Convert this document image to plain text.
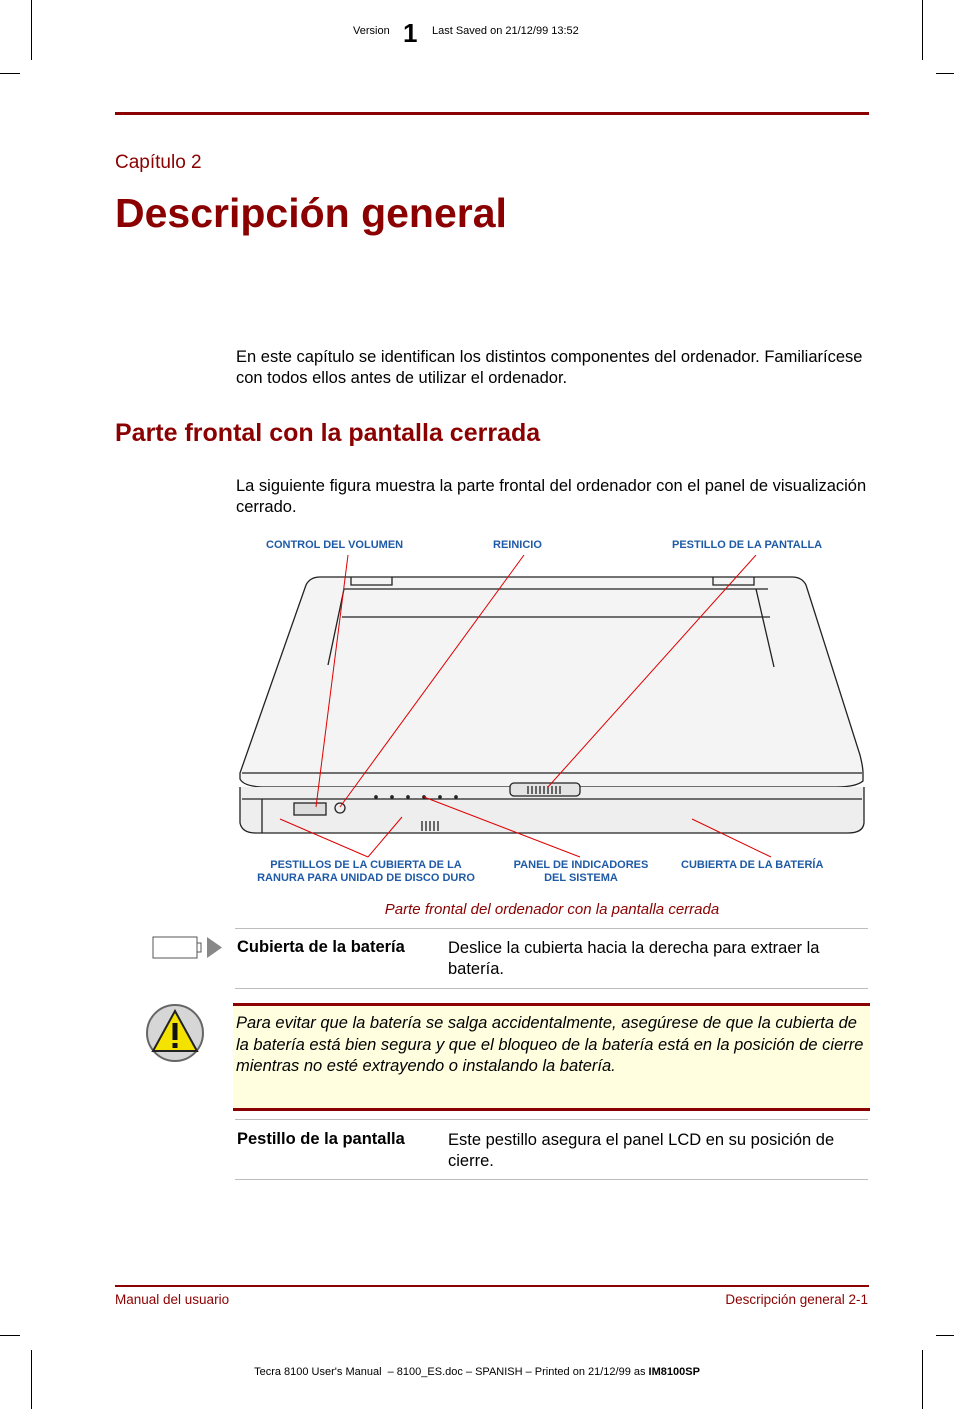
Version 1 Last Saved on 21/12/99 13:52
Capítulo 2
Descripción general
En este capítulo se identifican los distintos componentes del ordenador. Familiarícese con todos ellos antes de utilizar el ordenador.
Parte frontal con la pantalla cerrada
La siguiente figura muestra la parte frontal del ordenador con el panel de visualización cerrado.
CONTROL DEL VOLUMEN	REINICIO	PESTILLO DE LA PANTALLA
PESTILLOS DE LA CUBIERTA DE LA
RANURA PARA UNIDAD DE DISCO DURO
PANEL DE INDICADORES
DEL SISTEMA
CUBIERTA DE LA BATERÍA
Parte frontal del ordenador con la pantalla cerrada
Cubierta de la batería	Deslice la cubierta hacia la derecha para extraer la batería.
Para evitar que la batería se salga accidentalmente, asegúrese de que la cubierta de la batería está bien segura y que el bloqueo de la batería está en la posición de cierre mientras no esté extrayendo o instalando la batería.
Pestillo de la pantalla	Este pestillo asegura el panel LCD en su posición de cierre.
Manual del usuario	Descripción general 2-1
Tecra 8100 User's Manual  – 8100_ES.doc – SPANISH – Printed on 21/12/99 as IM8100SP
